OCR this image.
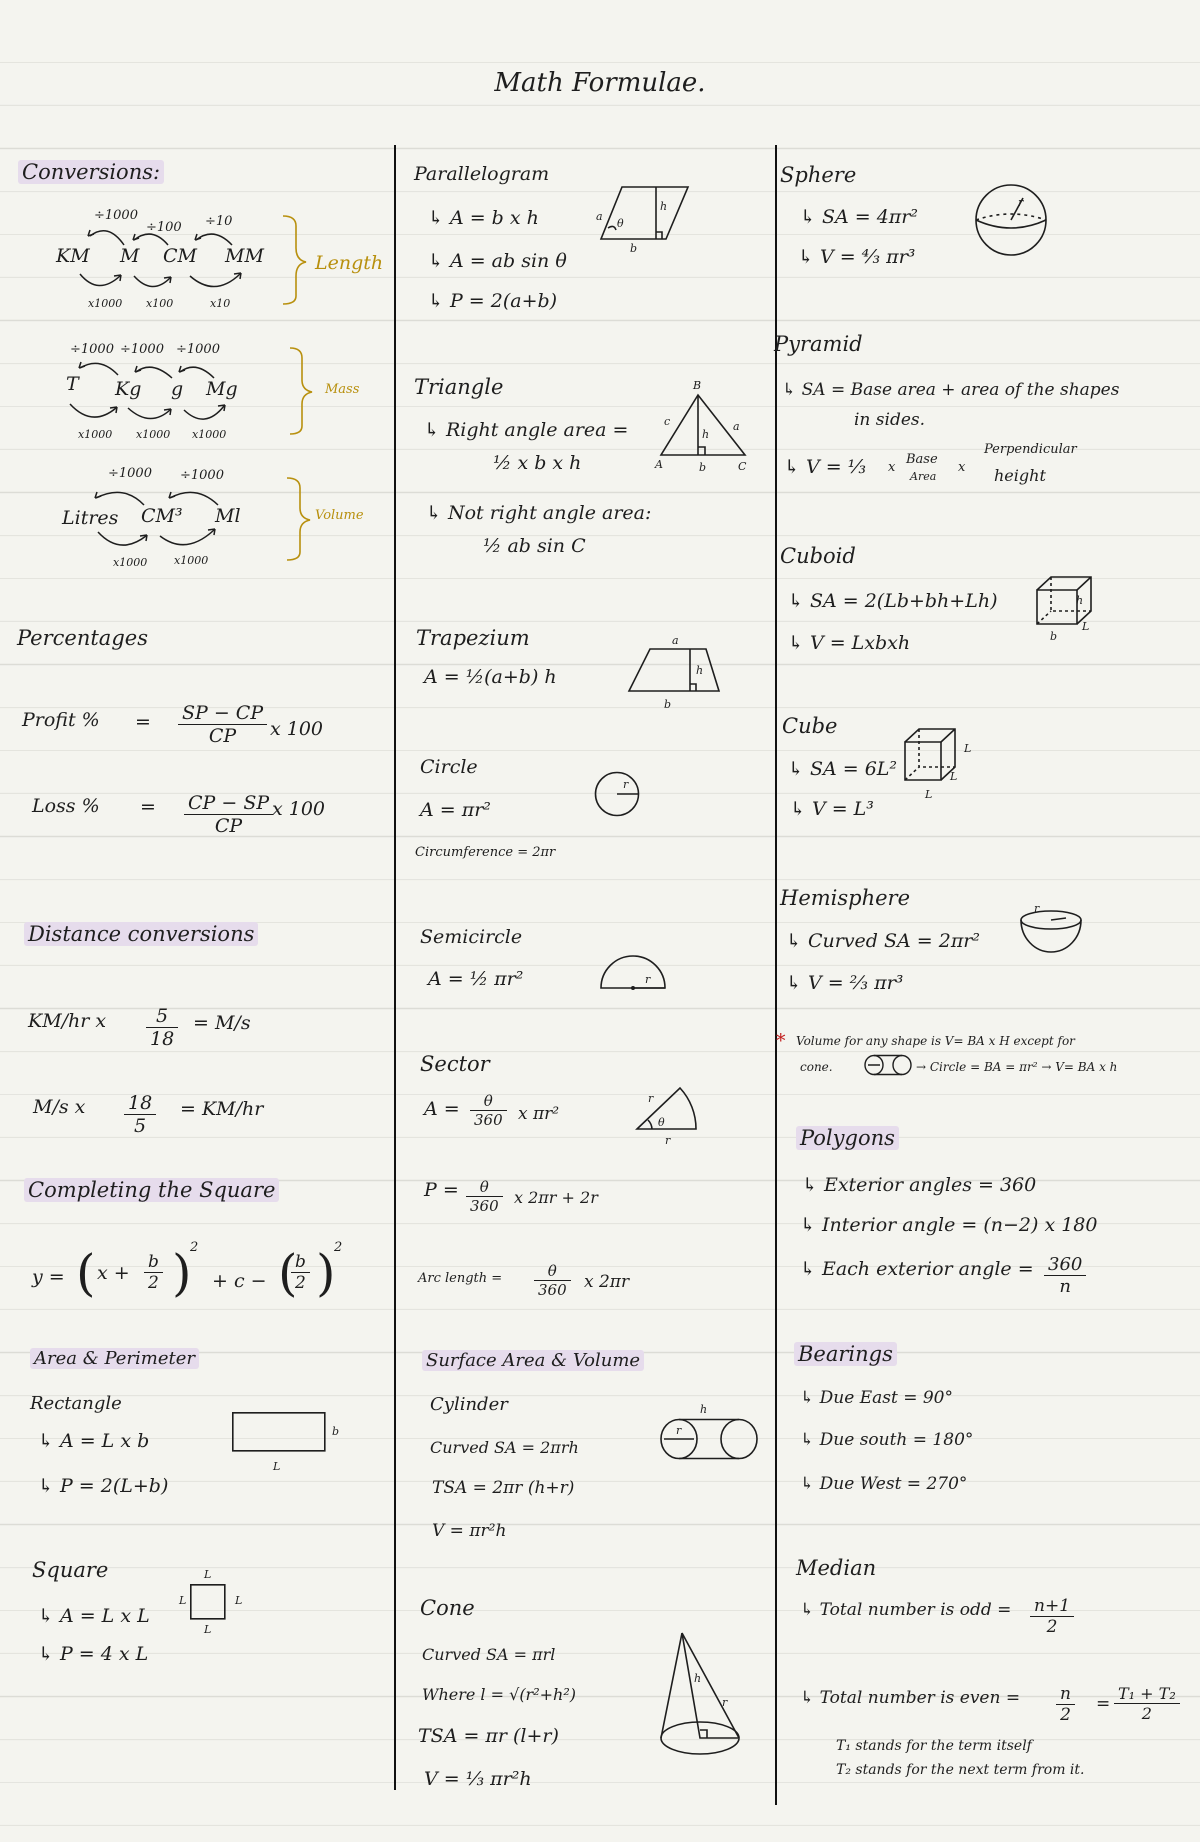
Math Formulae.
Conversions:
÷1000
÷100 ÷10
KM M CM MM
x1000 x100	x10
Length
÷1000 ÷1000 ÷1000
T Kg g Mg
x1000 x1000 x1000
Mass
÷1000 ÷1000
Litres CM³ Ml
x1000 x1000
Volume
Percentages
Profit % = $\frac{SP - CP}{CP}$ x 100
Loss % = $\frac{CP - SP}{CP}$
x 100
Distance conversions
KM/hr x $\frac{5}{18} = M/s$
M/s x $\frac{18}{5} = KM/hr$
Completing the Square
y = ( $x + \frac{b}{2}$ )
2
+ c − (
$\frac{b}{2}$ )
2
Area & Perimeter
Rectangle
↳ A = L x b
↳ P = 2(L+b)
b
L
Square
↳ A = L x L
↳ P = 4 x L
L
L	L
L
Parallelogram
↳ A = b x h
↳ A = ab sin θ
↳ P = 2(a+b)
a
θ
h
b
Triangle
↳ Right angle area =
½ x b x h
↳ Not right angle area:
½ ab sin C
B
c
h
a
A	b	C
Trapezium
A = ½(a+b) h
a
h
b
Circle
A = πr²
Circumference = 2πr
r
Semicircle
A = ½ πr²	r
Sector
$A = \frac{\theta}{360}$ x πr²
r
r
θ
$P = \frac{\theta}{360}$ x 2πr + 2r
Arc length = $\frac{\theta}{360}$ x 2πr
Surface Area & Volume
Cylinder
Curved SA = 2πrh
TSA = 2πr (h+r)
V = πr²h
h
r
Cone
Curved SA = πrl
Where l = √(r²+h²)
TSA = πr (l+r)
V = ⅓ πr²h
h
r
Sphere
↳ SA = 4πr²
↳ V = ⁴⁄₃ πr³
r
Pyramid
↳ SA = Base area + area of the shapes
in sides.
↳ V = ⅓ x
Base
Area
x
Perpendicular
height
Cuboid
↳ SA = 2(Lb+bh+Lh)
↳ V = Lxbxh
h
b
L
Cube
↳ SA = 6L²
↳ V = L³
L
L
L
Hemisphere
↳ Curved SA = 2πr²
↳ V = ⅔ πr³
r
* Volume for any shape is V= BA x H except for
cone.	→ Circle = BA = πr² → V= BA x h
Polygons
↳ Exterior angles = 360
↳ Interior angle = (n−2) x 180
↳ Each exterior angle = $\frac{360}{n}$
Bearings
↳ Due East = 90°
↳ Due south = 180°
↳ Due West = 270°
Median
↳ Total number is odd = $\frac{n+1}{2}$
↳ Total number is even = $\frac{n}{2} = \frac{\text{T₁ + T₂}}{2}$
T₁ stands for the term itself
T₂ stands for the next term from it.
